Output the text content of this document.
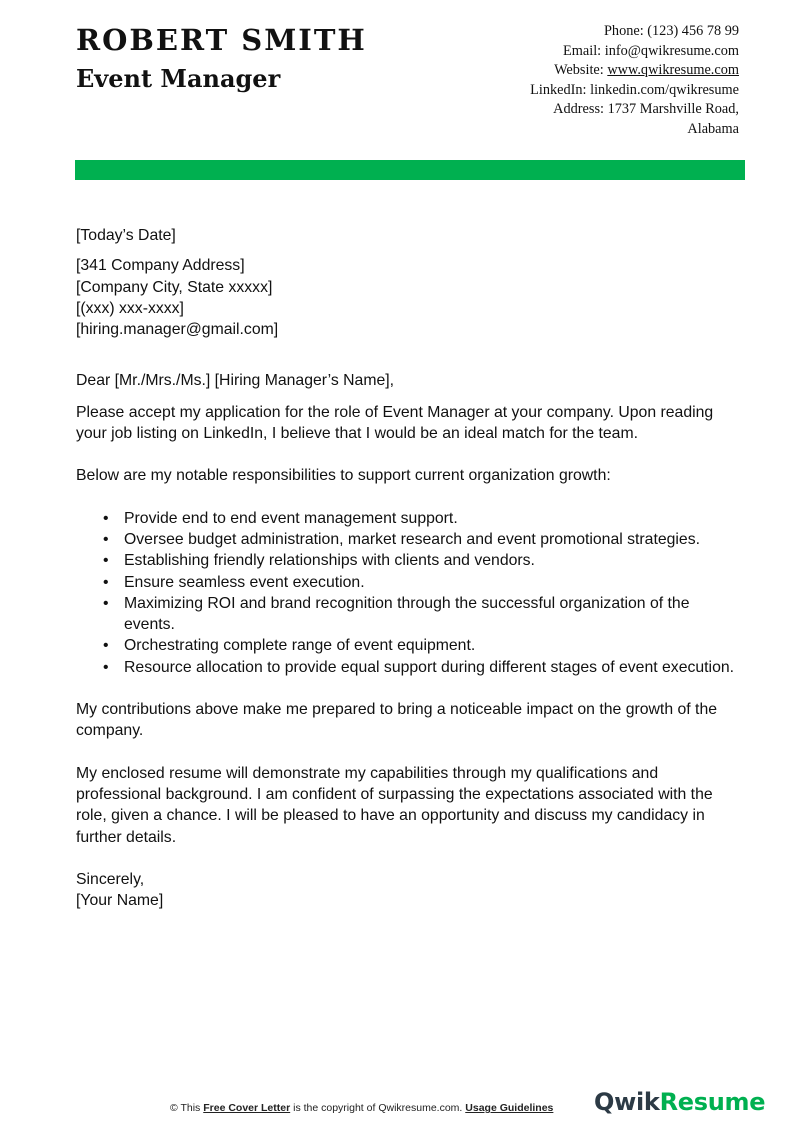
ROBERT SMITH
Event Manager
Phone: (123) 456 78 99
Email: info@qwikresume.com
Website: www.qwikresume.com
LinkedIn: linkedin.com/qwikresume
Address: 1737 Marshville Road,
Alabama

[Today’s Date]

[341 Company Address]

[Company City, State xxxxx]

[(xxx) xxx-xxxx]

[hiring.manager@gmail.com]

Dear [Mr./Mrs./Ms.] [Hiring Manager’s Name],

Please accept my application for the role of Event Manager at your company. Upon reading your job listing on LinkedIn, I believe that I would be an ideal match for the team.

Below are my notable responsibilities to support current organization growth:

• Provide end to end event management support.
• Oversee budget administration, market research and event promotional strategies.
• Establishing friendly relationships with clients and vendors.
• Ensure seamless event execution.
• Maximizing ROI and brand recognition through the successful organization of the events.
• Orchestrating complete range of event equipment.
• Resource allocation to provide equal support during different stages of event execution.

My contributions above make me prepared to bring a noticeable impact on the growth of the company.

My enclosed resume will demonstrate my capabilities through my qualifications and professional background. I am confident of surpassing the expectations associated with the role, given a chance. I will be pleased to have an opportunity and discuss my candidacy in further details.

Sincerely,

[Your Name]

© This Free Cover Letter is the copyright of Qwikresume.com. Usage Guidelines QwikResume
